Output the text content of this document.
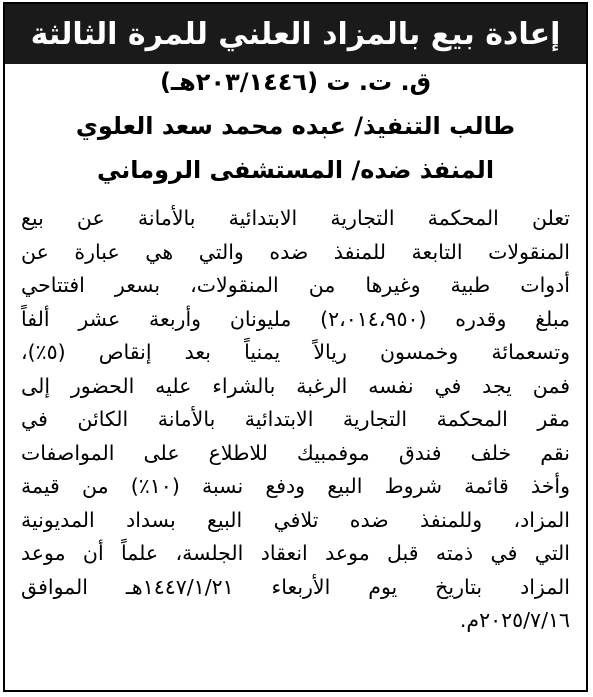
إعادة بيع بالمزاد العلني للمرة الثالثة
ق. ت. ت (٢٠٣/١٤٤٦هـ)
طالب التنفيذ/ عبده محمد سعد العلوي
المنفذ ضده/ المستشفى الروماني
تعلن المحكمة التجارية الابتدائية بالأمانة عن بيع
المنقولات التابعة للمنفذ ضده والتي هي عبارة عن
أدوات طبية وغيرها من المنقولات، بسعر افتتاحي
مبلغ وقدره (٢،٠١٤،٩٥٠) مليونان وأربعة عشر ألفاً
وتسعمائة وخمسون ريالاً يمنياً بعد إنقاص (٥٪)،
فمن يجد في نفسه الرغبة بالشراء عليه الحضور إلى
مقر المحكمة التجارية الابتدائية بالأمانة الكائن في
نقم خلف فندق موفمبيك للاطلاع على المواصفات
وأخذ قائمة شروط البيع ودفع نسبة (١٠٪) من قيمة
المزاد، وللمنفذ ضده تلافي البيع بسداد المديونية
التي في ذمته قبل موعد انعقاد الجلسة، علماً أن موعد
المزاد بتاريخ يوم الأربعاء ١٤٤٧/١/٢١هـ الموافق
٢٠٢٥/٧/١٦م.
